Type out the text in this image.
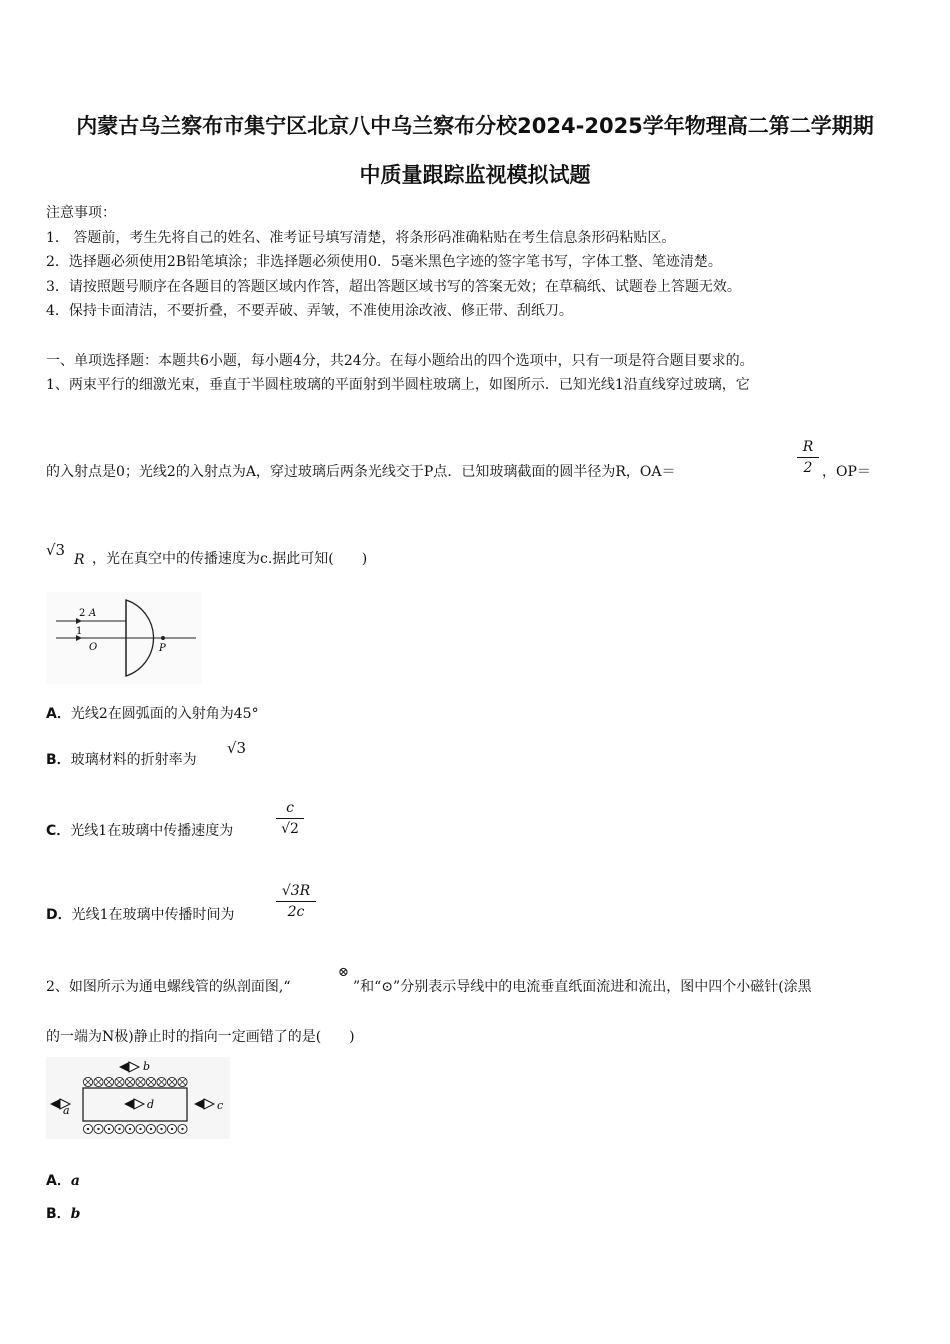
内蒙古乌兰察布市集宁区北京八中乌兰察布分校2024-2025学年物理高二第二学期期
中质量跟踪监视模拟试题
注意事项：
1． 答题前，考生先将自己的姓名、准考证号填写清楚，将条形码准确粘贴在考生信息条形码粘贴区。
2．选择题必须使用2B铅笔填涂；非选择题必须使用0．5毫米黑色字迹的签字笔书写，字体工整、笔迹清楚。
3．请按照题号顺序在各题目的答题区域内作答，超出答题区域书写的答案无效；在草稿纸、试题卷上答题无效。
4．保持卡面清洁，不要折叠，不要弄破、弄皱，不准使用涂改液、修正带、刮纸刀。
一、单项选择题：本题共6小题，每小题4分，共24分。在每小题给出的四个选项中，只有一项是符合题目要求的。
1、两束平行的细激光束，垂直于半圆柱玻璃的平面射到半圆柱玻璃上，如图所示．已知光线1沿直线穿过玻璃，它
的入射点是0；光线2的入射点为A，穿过玻璃后两条光线交于P点．已知玻璃截面的圆半径为R，OA＝	$\frac{R}{2}$ ，OP＝
√3
R ，光在真空中的传播速度为c.据此可知(　　)
2 A
1
O	P
A．光线2在圆弧面的入射角为45°
B．玻璃材料的折射率为
√3
C．光线1在玻璃中传播速度为	$\frac{c}{√2}$
D．光线1在玻璃中传播时间为	$\frac{√3R}{2c}$
2、如图所示为通电螺线管的纵剖面图,“
⊗
”和“⊙”分别表示导线中的电流垂直纸面流进和流出，图中四个小磁针(涂黑
的一端为N极)静止时的指向一定画错了的是(　　)
b
d
a	c
A．a
B．b
